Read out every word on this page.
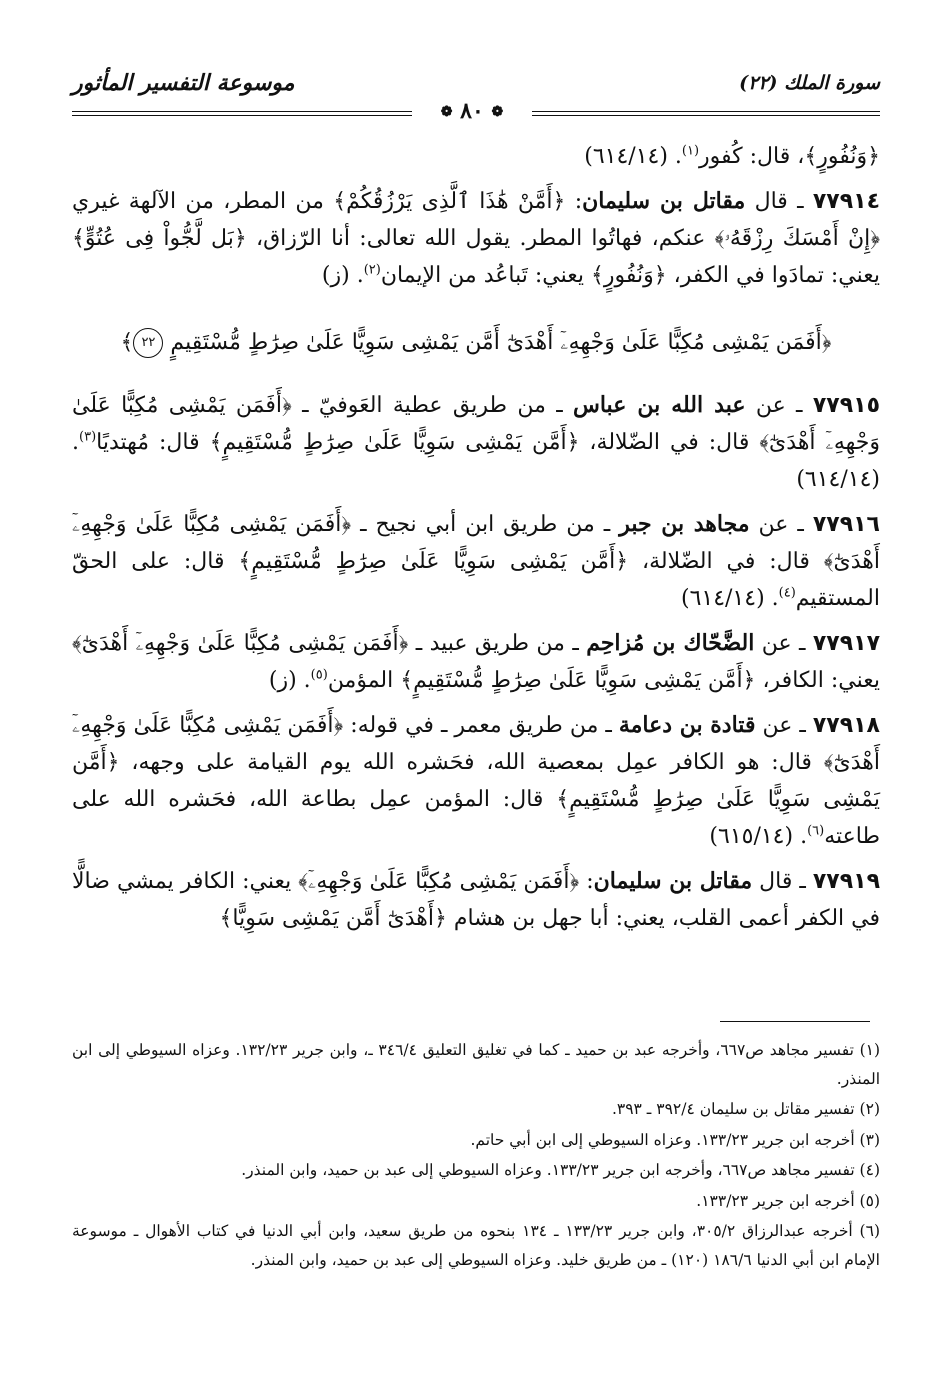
موسوعة التفسير المأثور	سورة الملك (٢٢)
❁ ٨٠ ❁

﴿وَنُفُورٍ﴾، قال: كُفور$^{(١)}$. (٦١٤/١٤)

٧٧٩١٤ ـ قال مقاتل بن سليمان: ﴿أَمَّنْ هَٰذَا ٱلَّذِى يَرْزُقُكُمْ﴾ من المطر، من الآلهة غيري ﴿إِنْ أَمْسَكَ رِزْقَهُۥ﴾ عنكم، فهاتُوا المطر. يقول الله تعالى: أنا الرّزاق، ﴿بَل لَّجُّواْ فِى عُتُوٍّ﴾ يعني: تمادَوا في الكفر، ﴿وَنُفُورٍ﴾ يعني: تَباعُد من الإيمان$^{(٢)}$. (ز)

﴿أَفَمَن يَمْشِى مُكِبًّا عَلَىٰ وَجْهِهِۦٓ أَهْدَىٰٓ أَمَّن يَمْشِى سَوِيًّا عَلَىٰ صِرَٰطٍ مُّسْتَقِيمٍ ٢٢﴾

٧٧٩١٥ ـ عن عبد الله بن عباس ـ من طريق عطية العَوفيّ ـ ﴿أَفَمَن يَمْشِى مُكِبًّا عَلَىٰ وَجْهِهِۦٓ أَهْدَىٰٓ﴾ قال: في الضّلالة، ﴿أَمَّن يَمْشِى سَوِيًّا عَلَىٰ صِرَٰطٍ مُّسْتَقِيمٍ﴾ قال: مُهتديًا$^{(٣)}$. (٦١٤/١٤)

٧٧٩١٦ ـ عن مجاهد بن جبر ـ من طريق ابن أبي نجيح ـ ﴿أَفَمَن يَمْشِى مُكِبًّا عَلَىٰ وَجْهِهِۦٓ أَهْدَىٰٓ﴾ قال: في الضّلالة، ﴿أَمَّن يَمْشِى سَوِيًّا عَلَىٰ صِرَٰطٍ مُّسْتَقِيمٍ﴾ قال: على الحقّ المستقيم$^{(٤)}$. (٦١٤/١٤)

٧٧٩١٧ ـ عن الضَّحّاك بن مُزاحِم ـ من طريق عبيد ـ ﴿أَفَمَن يَمْشِى مُكِبًّا عَلَىٰ وَجْهِهِۦٓ أَهْدَىٰٓ﴾ يعني: الكافر، ﴿أَمَّن يَمْشِى سَوِيًّا عَلَىٰ صِرَٰطٍ مُّسْتَقِيمٍ﴾ المؤمن$^{(٥)}$. (ز)

٧٧٩١٨ ـ عن قتادة بن دعامة ـ من طريق معمر ـ في قوله: ﴿أَفَمَن يَمْشِى مُكِبًّا عَلَىٰ وَجْهِهِۦٓ أَهْدَىٰٓ﴾ قال: هو الكافر عمِل بمعصية الله، فحَشره الله يوم القيامة على وجهه، ﴿أَمَّن يَمْشِى سَوِيًّا عَلَىٰ صِرَٰطٍ مُّسْتَقِيمٍ﴾ قال: المؤمن عمِل بطاعة الله، فحَشره الله على طاعته$^{(٦)}$. (٦١٥/١٤)

٧٧٩١٩ ـ قال مقاتل بن سليمان: ﴿أَفَمَن يَمْشِى مُكِبًّا عَلَىٰ وَجْهِهِۦٓ﴾ يعني: الكافر يمشي ضالًّا في الكفر أعمى القلب، يعني: أبا جهل بن هشام ﴿أَهْدَىٰٓ أَمَّن يَمْشِى سَوِيًّا﴾

(١) تفسير مجاهد ص٦٦٧، وأخرجه عبد بن حميد ـ كما في تغليق التعليق ٣٤٦/٤ ـ، وابن جرير ١٣٢/٢٣. وعزاه السيوطي إلى ابن المنذر.

(٢) تفسير مقاتل بن سليمان ٣٩٢/٤ ـ ٣٩٣.

(٣) أخرجه ابن جرير ١٣٣/٢٣. وعزاه السيوطي إلى ابن أبي حاتم.

(٤) تفسير مجاهد ص٦٦٧، وأخرجه ابن جرير ١٣٣/٢٣. وعزاه السيوطي إلى عبد بن حميد، وابن المنذر.

(٥) أخرجه ابن جرير ١٣٣/٢٣.

(٦) أخرجه عبدالرزاق ٣٠٥/٢، وابن جرير ١٣٣/٢٣ ـ ١٣٤ بنحوه من طريق سعيد، وابن أبي الدنيا في كتاب الأهوال ـ موسوعة الإمام ابن أبي الدنيا ١٨٦/٦ (١٢٠) ـ من طريق خليد. وعزاه السيوطي إلى عبد بن حميد، وابن المنذر.
